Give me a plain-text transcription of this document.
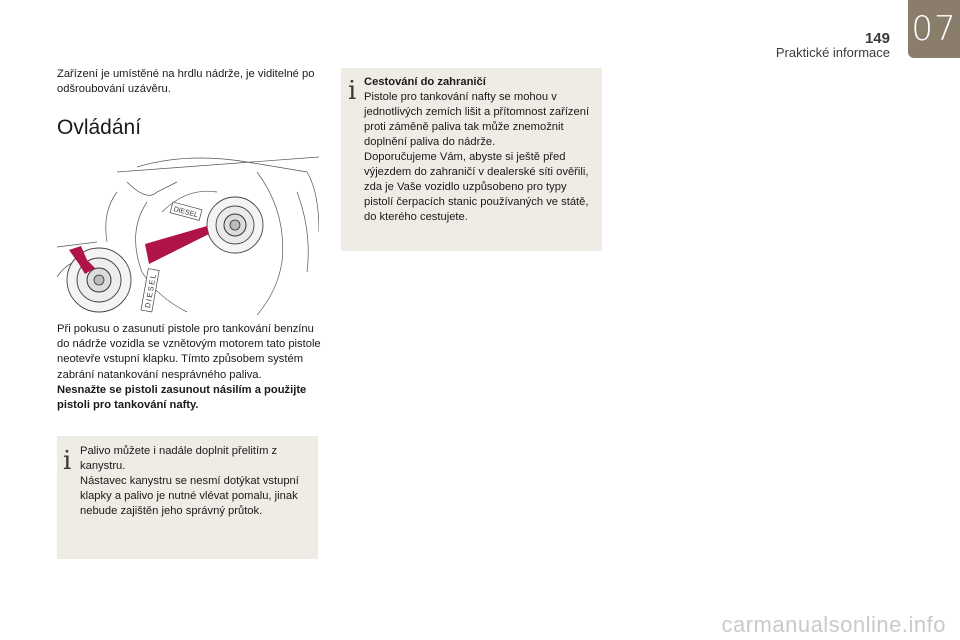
149
Praktické informace
07
Zařízení je umístěné na hrdlu nádrže, je viditelné po odšroubování uzávěru.
Ovládání
DIESEL
DIESEL
Při pokusu o zasunutí pistole pro tankování benzínu do nádrže vozidla se vznětovým motorem tato pistole neotevře vstupní klapku. Tímto způsobem systém zabrání natankování nesprávného paliva.
Nesnažte se pistoli zasunout násilím a použijte pistoli pro tankování nafty.
i Palivo můžete i nadále doplnit přelitím z kanystru.
Nástavec kanystru se nesmí dotýkat vstupní klapky a palivo je nutné vlévat pomalu, jinak nebude zajištěn jeho správný průtok.
i Cestování do zahraničí
Pistole pro tankování nafty se mohou v jednotlivých zemích lišit a přítomnost zařízení proti záměně paliva tak může znemožnit doplnění paliva do nádrže.
Doporučujeme Vám, abyste si ještě před výjezdem do zahraničí v dealerské síti ověřili, zda je Vaše vozidlo uzpůsobeno pro typy pistolí čerpacích stanic používaných ve státě, do kterého cestujete.
carmanualsonline.info
